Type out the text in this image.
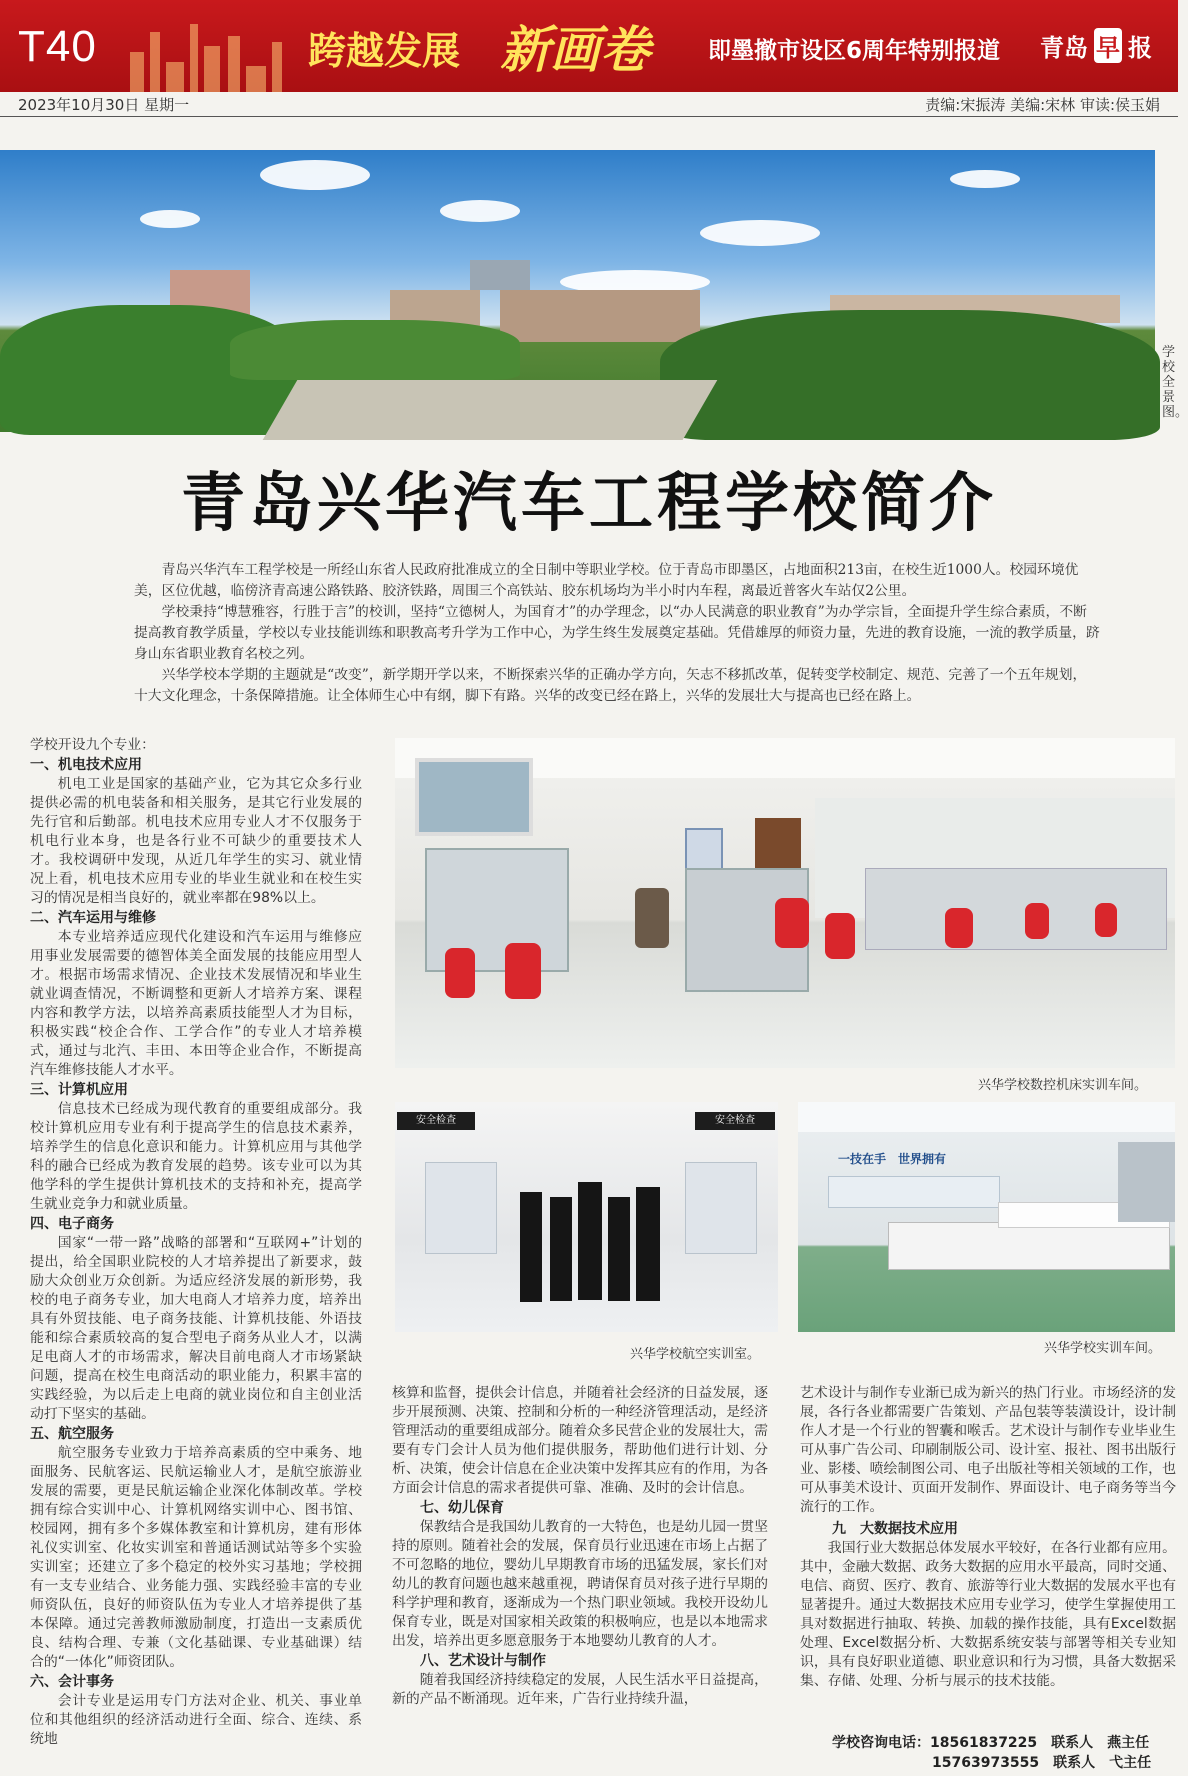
T40	跨越发展 新画卷	即墨撤市设区6周年特别报道 青岛 早 报
2023年10月30日 星期一	责编:宋振涛 美编:宋林 审读:侯玉娟
学校全景图。
青岛兴华汽车工程学校简介

青岛兴华汽车工程学校是一所经山东省人民政府批准成立的全日制中等职业学校。位于青岛市即墨区，占地面积213亩，在校生近1000人。校园环境优美，区位优越，临傍济青高速公路铁路、胶济铁路，周围三个高铁站、胶东机场均为半小时内车程，离最近普客火车站仅2公里。

学校秉持“博慧雅容，行胜于言”的校训，坚持“立德树人，为国育才”的办学理念，以“办人民满意的职业教育”为办学宗旨，全面提升学生综合素质，不断提高教育教学质量，学校以专业技能训练和职教高考升学为工作中心，为学生终生发展奠定基础。凭借雄厚的师资力量，先进的教育设施，一流的教学质量，跻身山东省职业教育名校之列。

兴华学校本学期的主题就是“改变”，新学期开学以来，不断探索兴华的正确办学方向，矢志不移抓改革，促转变学校制定、规范、完善了一个五年规划，十大文化理念，十条保障措施。让全体师生心中有纲，脚下有路。兴华的改变已经在路上，兴华的发展壮大与提高也已经在路上。

学校开设九个专业：

一、机电技术应用

机电工业是国家的基础产业，它为其它众多行业提供必需的机电装备和相关服务，是其它行业发展的先行官和后勤部。机电技术应用专业人才不仅服务于机电行业本身，也是各行业不可缺少的重要技术人才。我校调研中发现，从近几年学生的实习、就业情况上看，机电技术应用专业的毕业生就业和在校生实习的情况是相当良好的，就业率都在98%以上。

二、汽车运用与维修

本专业培养适应现代化建设和汽车运用与维修应用事业发展需要的德智体美全面发展的技能应用型人才。根据市场需求情况、企业技术发展情况和毕业生就业调查情况，不断调整和更新人才培养方案、课程内容和教学方法，以培养高素质技能型人才为目标，积极实践“校企合作、工学合作”的专业人才培养模式，通过与北汽、丰田、本田等企业合作，不断提高汽车维修技能人才水平。

三、计算机应用

信息技术已经成为现代教育的重要组成部分。我校计算机应用专业有利于提高学生的信息技术素养，培养学生的信息化意识和能力。计算机应用与其他学科的融合已经成为教育发展的趋势。该专业可以为其他学科的学生提供计算机技术的支持和补充，提高学生就业竞争力和就业质量。

四、电子商务

国家“一带一路”战略的部署和“互联网+”计划的提出，给全国职业院校的人才培养提出了新要求，鼓励大众创业万众创新。为适应经济发展的新形势，我校的电子商务专业，加大电商人才培养力度，培养出具有外贸技能、电子商务技能、计算机技能、外语技能和综合素质较高的复合型电子商务从业人才，以满足电商人才的市场需求，解决目前电商人才市场紧缺问题，提高在校生电商活动的职业能力，积累丰富的实践经验，为以后走上电商的就业岗位和自主创业活动打下坚实的基础。

五、航空服务

航空服务专业致力于培养高素质的空中乘务、地面服务、民航客运、民航运输业人才，是航空旅游业发展的需要，更是民航运输企业深化体制改革。学校拥有综合实训中心、计算机网络实训中心、图书馆、校园网，拥有多个多媒体教室和计算机房，建有形体礼仪实训室、化妆实训室和普通话测试站等多个实验实训室；还建立了多个稳定的校外实习基地；学校拥有一支专业结合、业务能力强、实践经验丰富的专业师资队伍，良好的师资队伍为专业人才培养提供了基本保障。通过完善教师激励制度，打造出一支素质优良、结构合理、专兼（文化基础课、专业基础课）结合的“一体化”师资团队。

六、会计事务

会计专业是运用专门方法对企业、机关、事业单位和其他组织的经济活动进行全面、综合、连续、系统地

兴华学校数控机床实训车间。
安全检查	安全检查
兴华学校航空实训室。
一技在手　世界拥有
兴华学校实训车间。

核算和监督，提供会计信息，并随着社会经济的日益发展，逐步开展预测、决策、控制和分析的一种经济管理活动，是经济管理活动的重要组成部分。随着众多民营企业的发展壮大，需要有专门会计人员为他们提供服务，帮助他们进行计划、分析、决策，使会计信息在企业决策中发挥其应有的作用，为各方面会计信息的需求者提供可靠、准确、及时的会计信息。

七、幼儿保育

保教结合是我国幼儿教育的一大特色，也是幼儿园一贯坚持的原则。随着社会的发展，保育员行业迅速在市场上占据了不可忽略的地位，婴幼儿早期教育市场的迅猛发展，家长们对幼儿的教育问题也越来越重视，聘请保育员对孩子进行早期的科学护理和教育，逐渐成为一个热门职业领域。我校开设幼儿保育专业，既是对国家相关政策的积极响应，也是以本地需求出发，培养出更多愿意服务于本地婴幼儿教育的人才。

八、艺术设计与制作

随着我国经济持续稳定的发展，人民生活水平日益提高，新的产品不断涌现。近年来，广告行业持续升温，

艺术设计与制作专业渐已成为新兴的热门行业。市场经济的发展，各行各业都需要广告策划、产品包装等装潢设计，设计制作人才是一个行业的智囊和喉舌。艺术设计与制作专业毕业生可从事广告公司、印刷制版公司、设计室、报社、图书出版行业、影楼、喷绘制图公司、电子出版社等相关领域的工作，也可从事美术设计、页面开发制作、界面设计、电子商务等当今流行的工作。

九　大数据技术应用

我国行业大数据总体发展水平较好，在各行业都有应用。其中，金融大数据、政务大数据的应用水平最高，同时交通、电信、商贸、医疗、教育、旅游等行业大数据的发展水平也有显著提升。通过大数据技术应用专业学习，使学生掌握使用工具对数据进行抽取、转换、加载的操作技能，具有Excel数据处理、Excel数据分析、大数据系统安装与部署等相关专业知识，具有良好职业道德、职业意识和行为习惯，具备大数据采集、存储、处理、分析与展示的技术技能。

学校咨询电话：18561837225　联系人　燕主任
15763973555　联系人　弋主任
